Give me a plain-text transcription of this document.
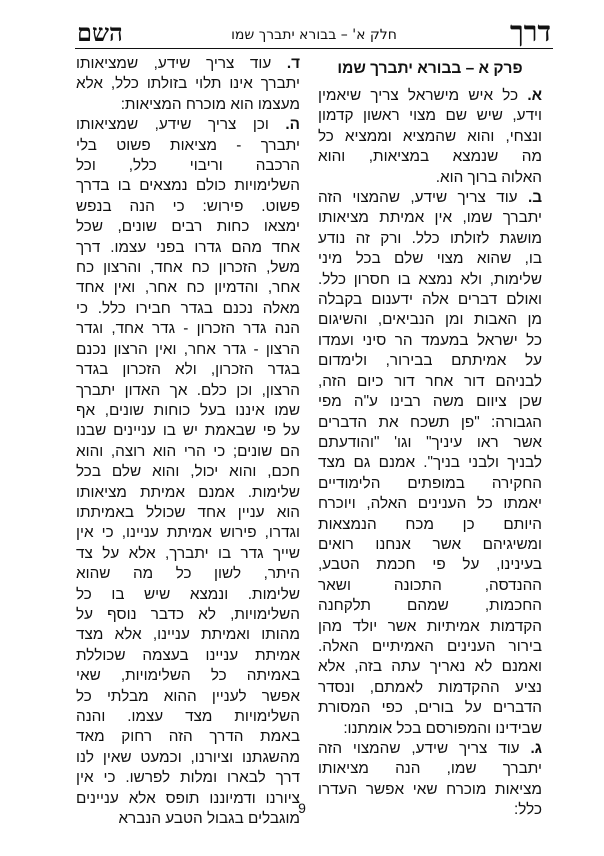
דרך
חלק א' – בבורא יתברך שמו
השם
פרק א – בבורא יתברך שמו
א. כל איש מישראל צריך שיאמין
וידע, שיש שם מצוי ראשון קדמון
ונצחי, והוא שהמציא וממציא כל
מה שנמצא במציאות, והוא
האלוה ברוך הוא.
ב. עוד צריך שידע, שהמצוי הזה
יתברך שמו, אין אמיתת מציאותו
מושגת לזולתו כלל. ורק זה נודע
בו, שהוא מצוי שלם בכל מיני
שלימות, ולא נמצא בו חסרון כלל.
ואולם דברים אלה ידענום בקבלה
מן האבות ומן הנביאים, והשיגום
כל ישראל במעמד הר סיני ועמדו
על אמיתתם בבירור, ולימדום
לבניהם דור אחר דור כיום הזה,
שכן ציוום משה רבינו ע"ה מפי
הגבורה: "פן תשכח את הדברים
אשר ראו עיניך" וגו' "והודעתם
לבניך ולבני בניך". אמנם גם מצד
החקירה במופתים הלימודיים
יאמתו כל הענינים האלה, ויוכרח
היותם כן מכח הנמצאות
ומשיגיהם אשר אנחנו רואים
בעינינו, על פי חכמת הטבע,
ההנדסה, התכונה ושאר
החכמות, שמהם תלקחנה
הקדמות אמיתיות אשר יולד מהן
בירור הענינים האמיתיים האלה.
ואמנם לא נאריך עתה בזה, אלא
נציע ההקדמות לאמתם, ונסדר
הדברים על בורים, כפי המסורת
שבידינו והמפורסם בכל אומתנו:
ג. עוד צריך שידע, שהמצוי הזה
יתברך שמו, הנה מציאותו
מציאות מוכרח שאי אפשר העדרו
כלל:
ד. עוד צריך שידע, שמציאותו
יתברך אינו תלוי בזולתו כלל, אלא
מעצמו הוא מוכרח המציאות:
ה. וכן צריך שידע, שמציאותו
יתברך - מציאות פשוט בלי
הרכבה וריבוי כלל, וכל
השלימויות כולם נמצאים בו בדרך
פשוט. פירוש: כי הנה בנפש
ימצאו כחות רבים שונים, שכל
אחד מהם גדרו בפני עצמו. דרך
משל, הזכרון כח אחד, והרצון כח
אחר, והדמיון כח אחר, ואין אחד
מאלה נכנם בגדר חבירו כלל. כי
הנה גדר הזכרון - גדר אחד, וגדר
הרצון - גדר אחר, ואין הרצון נכנם
בגדר הזכרון, ולא הזכרון בגדר
הרצון, וכן כלם. אך האדון יתברך
שמו איננו בעל כוחות שונים, אף
על פי שבאמת יש בו עניינים שבנו
הם שונים; כי הרי הוא רוצה, והוא
חכם, והוא יכול, והוא שלם בכל
שלימות. אמנם אמיתת מציאותו
הוא עניין אחד שכולל באמיתתו
וגדרו, פירוש אמיתת עניינו, כי אין
שייך גדר בו יתברך, אלא על צד
היתר, לשון כל מה שהוא
שלימות. ונמצא שיש בו כל
השלימויות, לא כדבר נוסף על
מהותו ואמיתת עניינו, אלא מצד
אמיתת עניינו בעצמה שכוללת
באמיתה כל השלימויות, שאי
אפשר לעניין ההוא מבלתי כל
השלימויות מצד עצמו. והנה
באמת הדרך הזה רחוק מאד
מהשגתנו וציורנו, וכמעט שאין לנו
דרך לבארו ומלות לפרשו. כי אין
ציורנו ודמיוננו תופס אלא עניינים
מוגבלים בגבול הטבע הנברא
9
